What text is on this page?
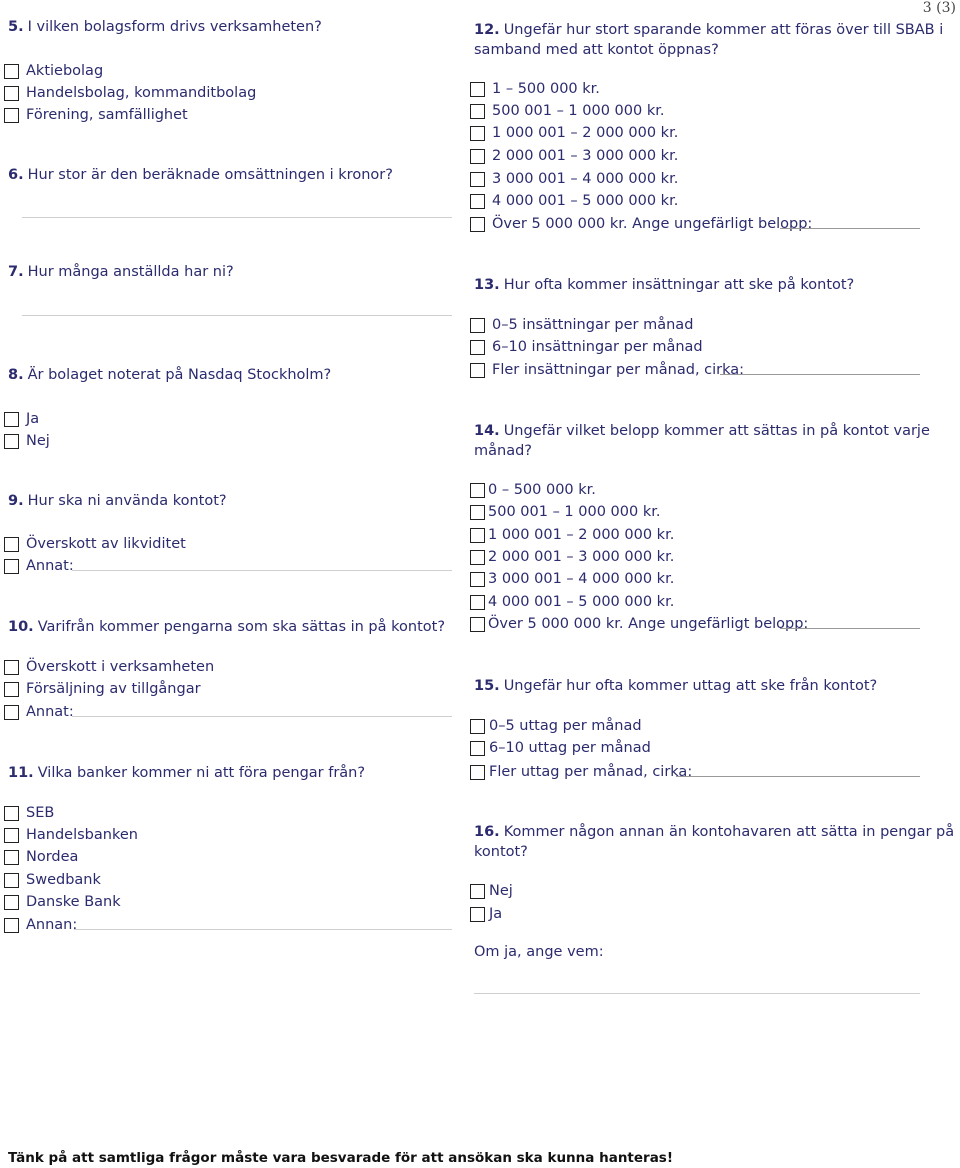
3 (3)
5. I vilken bolagsform drivs verksamheten?
Aktiebolag
Handelsbolag, kommanditbolag
Förening, samfällighet
6. Hur stor är den beräknade omsättningen i kronor?
7. Hur många anställda har ni?
8. Är bolaget noterat på Nasdaq Stockholm?
Ja
Nej
9. Hur ska ni använda kontot?
Överskott av likviditet
Annat:
10. Varifrån kommer pengarna som ska sättas in på kontot?
Överskott i verksamheten
Försäljning av tillgångar
Annat:
11. Vilka banker kommer ni att föra pengar från?
SEB
Handelsbanken
Nordea
Swedbank
Danske Bank
Annan:
12. Ungefär hur stort sparande kommer att föras över till SBAB i
samband med att kontot öppnas?
1 – 500 000 kr.
500 001 – 1 000 000 kr.
1 000 001 – 2 000 000 kr.
2 000 001 – 3 000 000 kr.
3 000 001 – 4 000 000 kr.
4 000 001 – 5 000 000 kr.
Över 5 000 000 kr. Ange ungefärligt belopp:
13. Hur ofta kommer insättningar att ske på kontot?
0–5 insättningar per månad
6–10 insättningar per månad
Fler insättningar per månad, cirka:
14. Ungefär vilket belopp kommer att sättas in på kontot varje
månad?
0 – 500 000 kr.
500 001 – 1 000 000 kr.
1 000 001 – 2 000 000 kr.
2 000 001 – 3 000 000 kr.
3 000 001 – 4 000 000 kr.
4 000 001 – 5 000 000 kr.
Över 5 000 000 kr. Ange ungefärligt belopp:
15. Ungefär hur ofta kommer uttag att ske från kontot?
0–5 uttag per månad
6–10 uttag per månad
Fler uttag per månad, cirka:
16. Kommer någon annan än kontohavaren att sätta in pengar på
kontot?
Nej
Ja
Om ja, ange vem:
Tänk på att samtliga frågor måste vara besvarade för att ansökan ska kunna hanteras!
